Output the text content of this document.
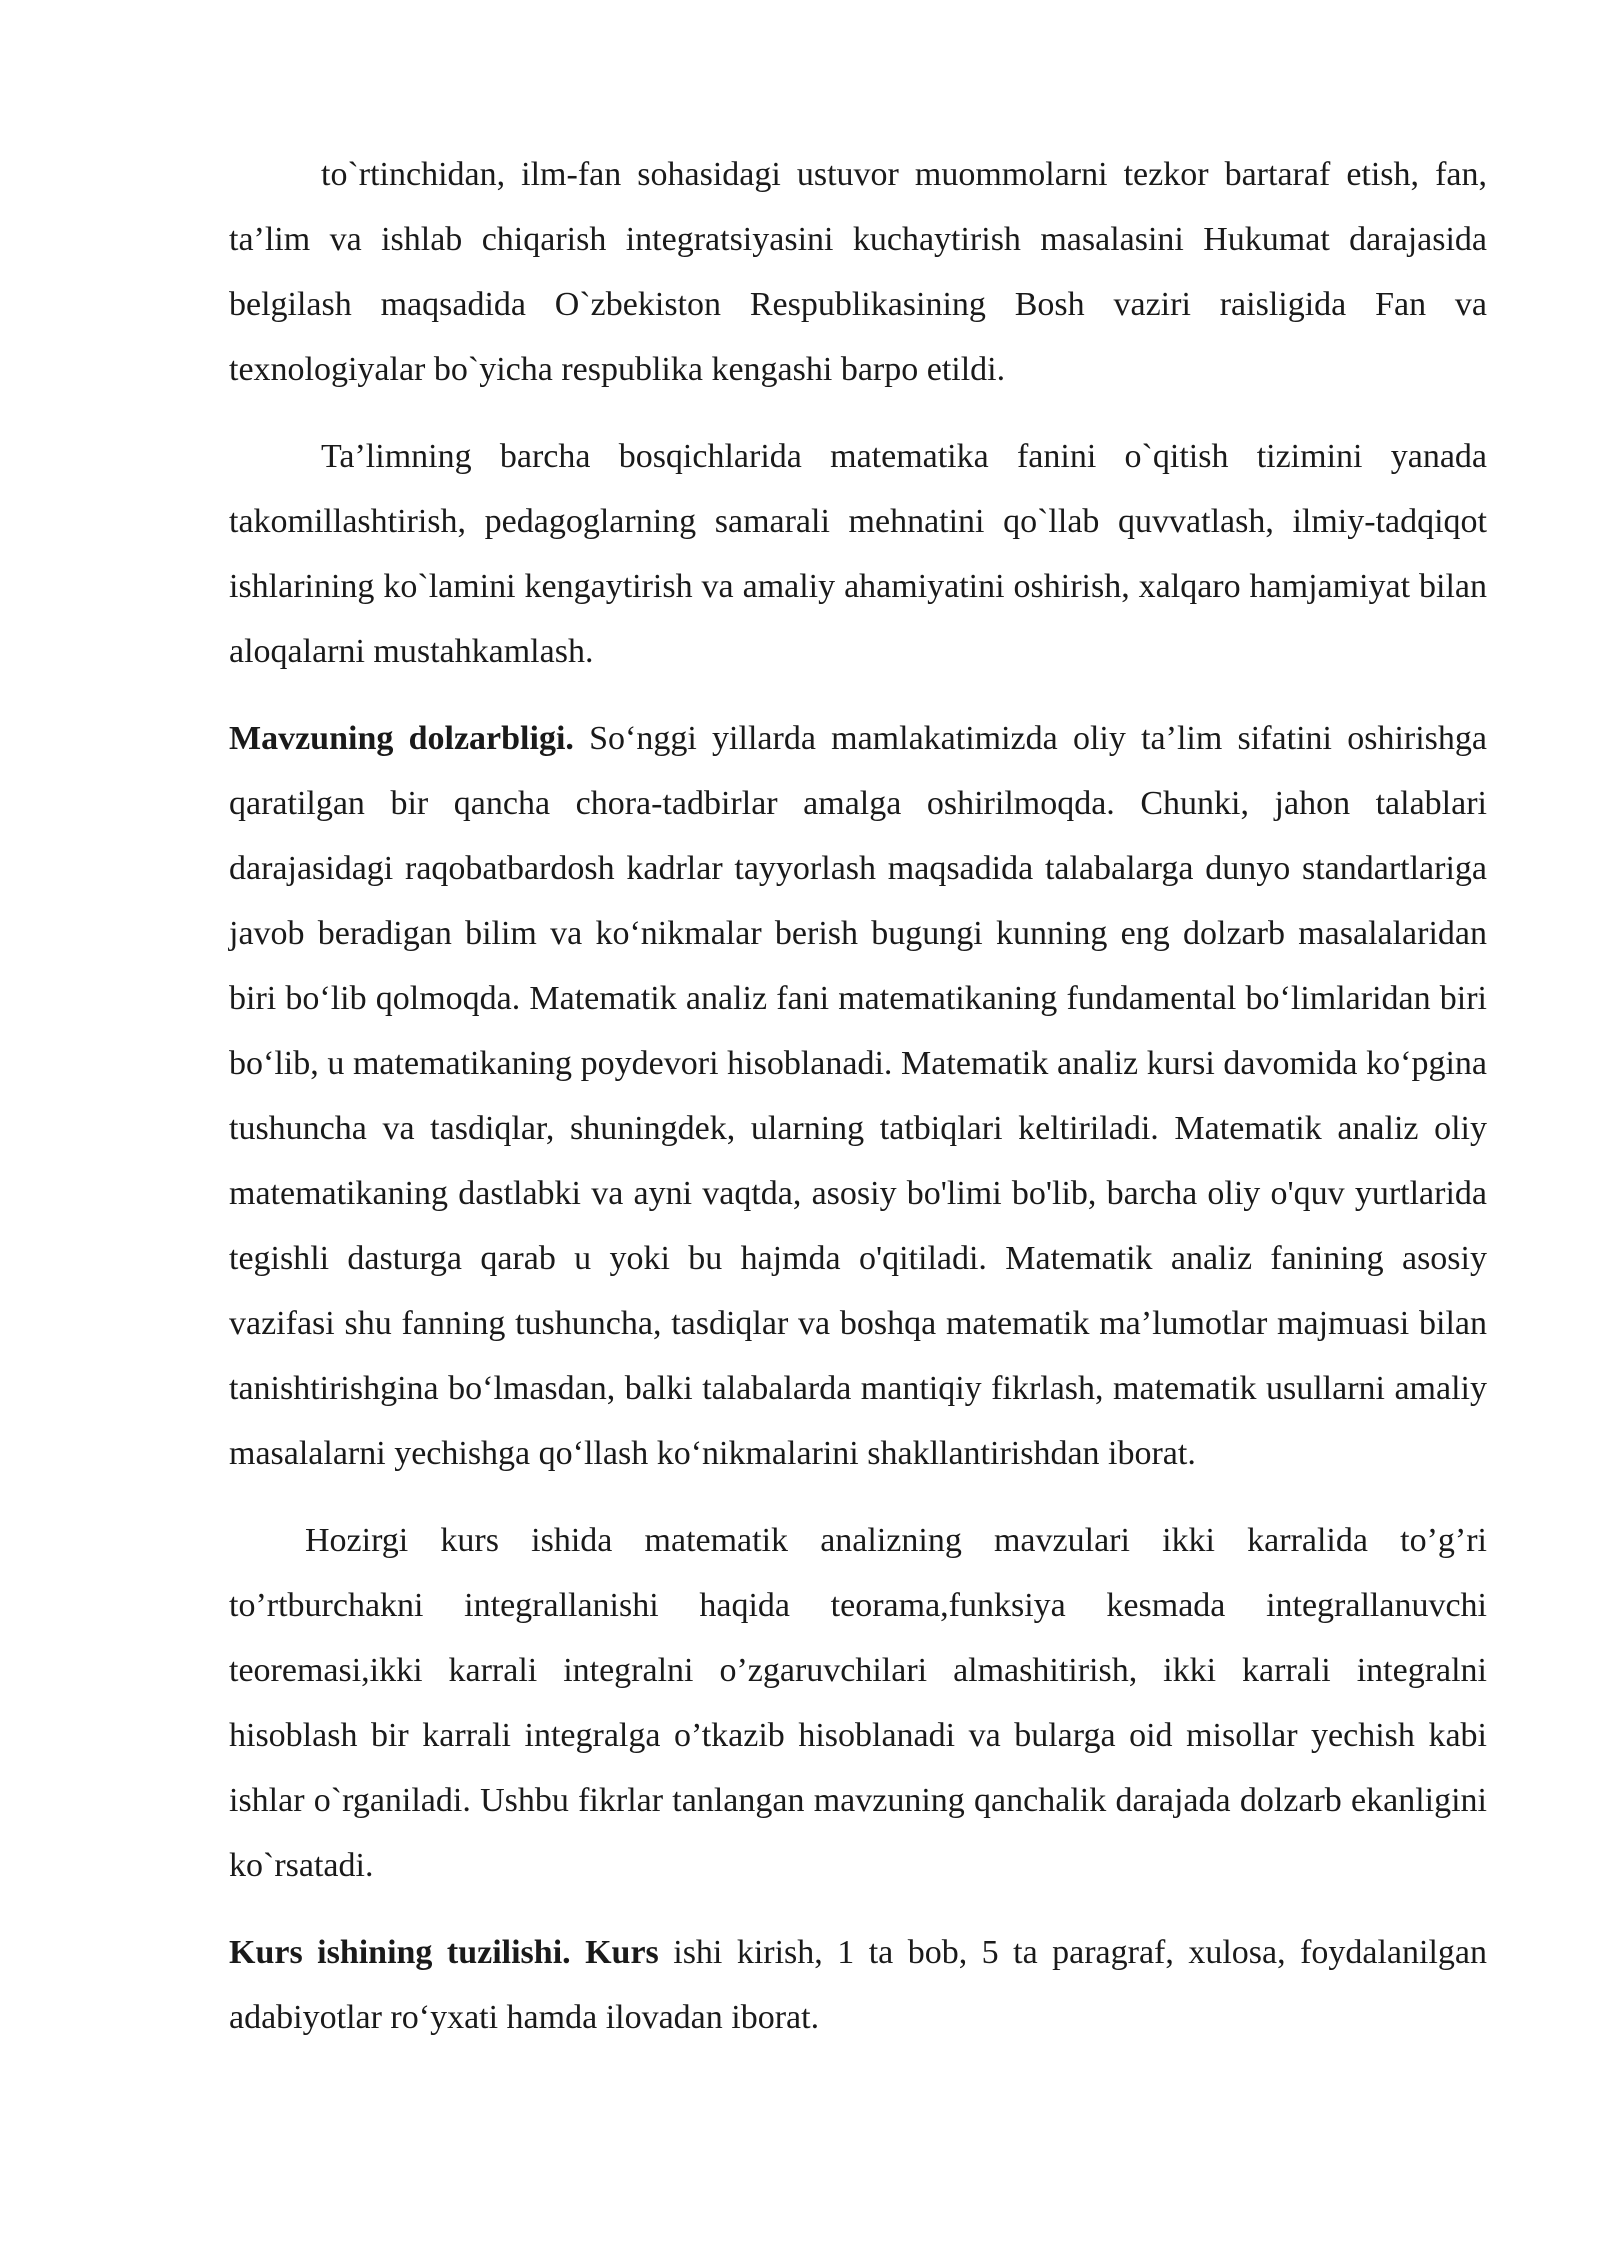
to`rtinchidan, ilm-fan sohasidagi ustuvor muommolarni tezkor bartaraf etish, fan, ta’lim va ishlab chiqarish integratsiyasini kuchaytirish masalasini Hukumat darajasida belgilash maqsadida O`zbekiston Respublikasining Bosh vaziri raisligida Fan va texnologiyalar bo`yicha respublika kengashi barpo etildi.

Ta’limning barcha bosqichlarida matematika fanini o`qitish tizimini yanada takomillashtirish, pedagoglarning samarali mehnatini qo`llab quvvatlash, ilmiy-tadqiqot ishlarining ko`lamini kengaytirish va amaliy ahamiyatini oshirish, xalqaro hamjamiyat bilan aloqalarni mustahkamlash.

Mavzuning dolzarbligi. So‘nggi yillarda mamlakatimizda oliy ta’lim sifatini oshirishga qaratilgan bir qancha chora-tadbirlar amalga oshirilmoqda. Chunki, jahon talablari darajasidagi raqobatbardosh kadrlar tayyorlash maqsadida talabalarga dunyo standartlariga javob beradigan bilim va ko‘nikmalar berish bugungi kunning eng dolzarb masalalaridan biri bo‘lib qolmoqda. Matematik analiz fani matematikaning fundamental bo‘limlaridan biri bo‘lib, u matematikaning poydevori hisoblanadi. Matematik analiz kursi davomida ko‘pgina tushuncha va tasdiqlar, shuningdek, ularning tatbiqlari keltiriladi. Matematik analiz oliy matematikaning dastlabki va ayni vaqtda, asosiy bo'limi bo'lib, barcha oliy o'quv yurtlarida tegishli dasturga qarab u yoki bu hajmda o'qitiladi. Matematik analiz fanining asosiy vazifasi shu fanning tushuncha, tasdiqlar va boshqa matematik ma’lumotlar majmuasi bilan tanishtirishgina bo‘lmasdan, balki talabalarda mantiqiy fikrlash, matematik usullarni amaliy masalalarni yechishga qo‘llash ko‘nikmalarini shakllantirishdan iborat.

Hozirgi kurs ishida matematik analizning mavzulari ikki karralida to’g’ri to’rtburchakni integrallanishi haqida teorama,funksiya kesmada integrallanuvchi teoremasi,ikki karrali integralni o’zgaruvchilari almashitirish, ikki karrali integralni hisoblash bir karrali integralga o’tkazib hisoblanadi va bularga oid misollar yechish kabi ishlar o`rganiladi. Ushbu fikrlar tanlangan mavzuning qanchalik darajada dolzarb ekanligini ko`rsatadi.

Kurs ishining tuzilishi. Kurs ishi kirish, 1 ta bob, 5 ta paragraf, xulosa, foydalanilgan adabiyotlar ro‘yxati hamda ilovadan iborat.
